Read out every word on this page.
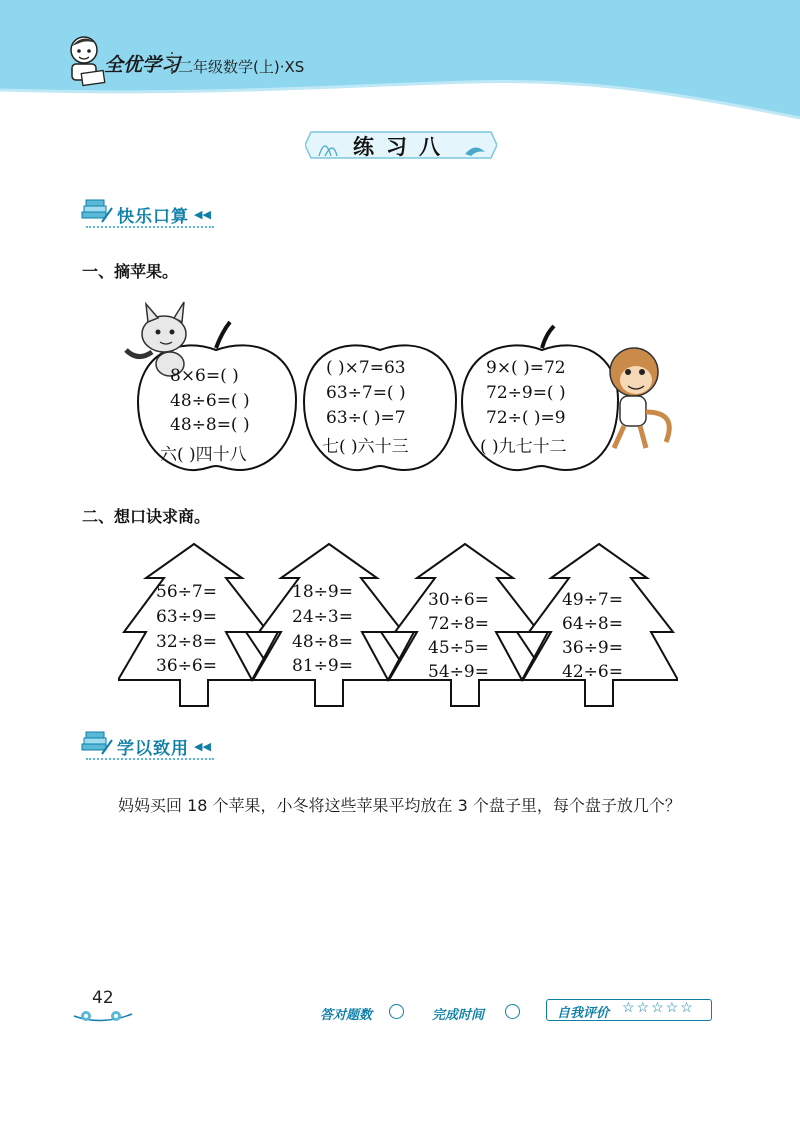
全优学习
二年级数学(上)·XS
练习八
快乐口算 ◀◀
一、摘苹果。
8×6=( )
48÷6=( )
48÷8=( )
六( )四十八
( )×7=63
63÷7=( )
63÷( )=7
七( )六十三
9×( )=72
72÷9=( )
72÷( )=9
( )九七十二
二、想口诀求商。
56÷7=
63÷9=
32÷8=
36÷6=
18÷9=
24÷3=
48÷8=
81÷9=
30÷6=
72÷8=
45÷5=
54÷9=
49÷7=
64÷8=
36÷9=
42÷6=
学以致用 ◀◀
妈妈买回 18 个苹果，小冬将这些苹果平均放在 3 个盘子里，每个盘子放几个？
42
答对题数	完成时间	自我评价 ☆☆☆☆☆
